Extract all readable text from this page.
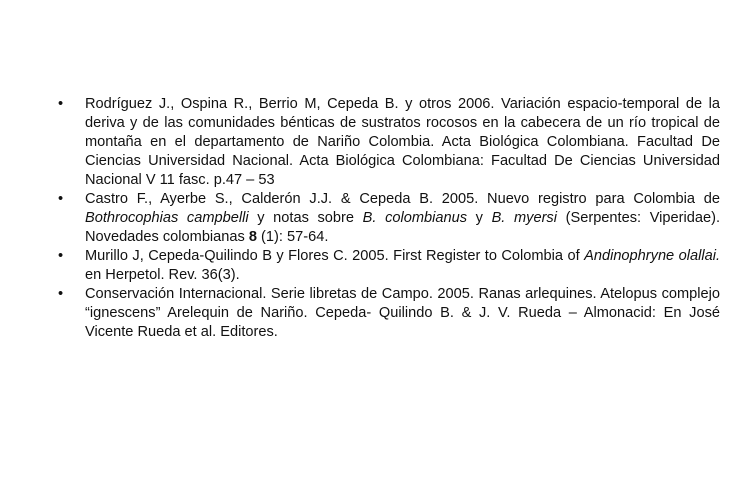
Rodríguez J., Ospina R., Berrio M, Cepeda B. y otros 2006. Variación espacio-temporal de la deriva y de las comunidades bénticas de sustratos rocosos en la cabecera de un río tropical de montaña en el departamento de Nariño Colombia. Acta Biológica Colombiana. Facultad De Ciencias Universidad Nacional. Acta Biológica Colombiana: Facultad De Ciencias Universidad Nacional V 11 fasc. p.47 – 53
Castro F., Ayerbe S., Calderón J.J. & Cepeda B. 2005. Nuevo registro para Colombia de Bothrocophias campbelli y notas sobre B. colombianus y B. myersi (Serpentes: Viperidae). Novedades colombianas 8 (1): 57-64.
Murillo J, Cepeda-Quilindo B y Flores C. 2005. First Register to Colombia of Andinophryne olallai. en Herpetol. Rev. 36(3).
Conservación Internacional. Serie libretas de Campo. 2005. Ranas arlequines. Atelopus complejo “ignescens” Arelequin de Nariño. Cepeda- Quilindo B. & J. V. Rueda – Almonacid: En José Vicente Rueda et al. Editores.
